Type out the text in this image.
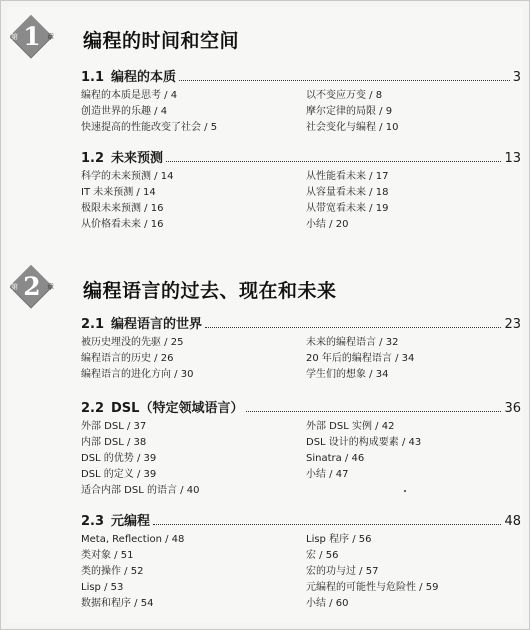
第 1 章 编程的时间和空间
1.1 编程的本质	3
编程的本质是思考 / 4	以不变应万变 / 8
创造世界的乐趣 / 4	摩尔定律的局限 / 9
快速提高的性能改变了社会 / 5	社会变化与编程 / 10
1.2 未来预测	13
科学的未来预测 / 14	从性能看未来 / 17
IT 未来预测 / 14	从容量看未来 / 18
极限未来预测 / 16	从带宽看未来 / 19
从价格看未来 / 16	小结 / 20
第 2 章 编程语言的过去、现在和未来
2.1 编程语言的世界	23
被历史埋没的先驱 / 25	未来的编程语言 / 32
编程语言的历史 / 26	20 年后的编程语言 / 34
编程语言的进化方向 / 30	学生们的想象 / 34
2.2 DSL（特定领域语言）	36
外部 DSL / 37	外部 DSL 实例 / 42
内部 DSL / 38	DSL 设计的构成要素 / 43
DSL 的优势 / 39	Sinatra / 46
DSL 的定义 / 39	小结 / 47
适合内部 DSL 的语言 / 40
2.3 元编程	48
Meta, Reflection / 48	Lisp 程序 / 56
类对象 / 51	宏 / 56
类的操作 / 52	宏的功与过 / 57
Lisp / 53	元编程的可能性与危险性 / 59
数据和程序 / 54	小结 / 60
